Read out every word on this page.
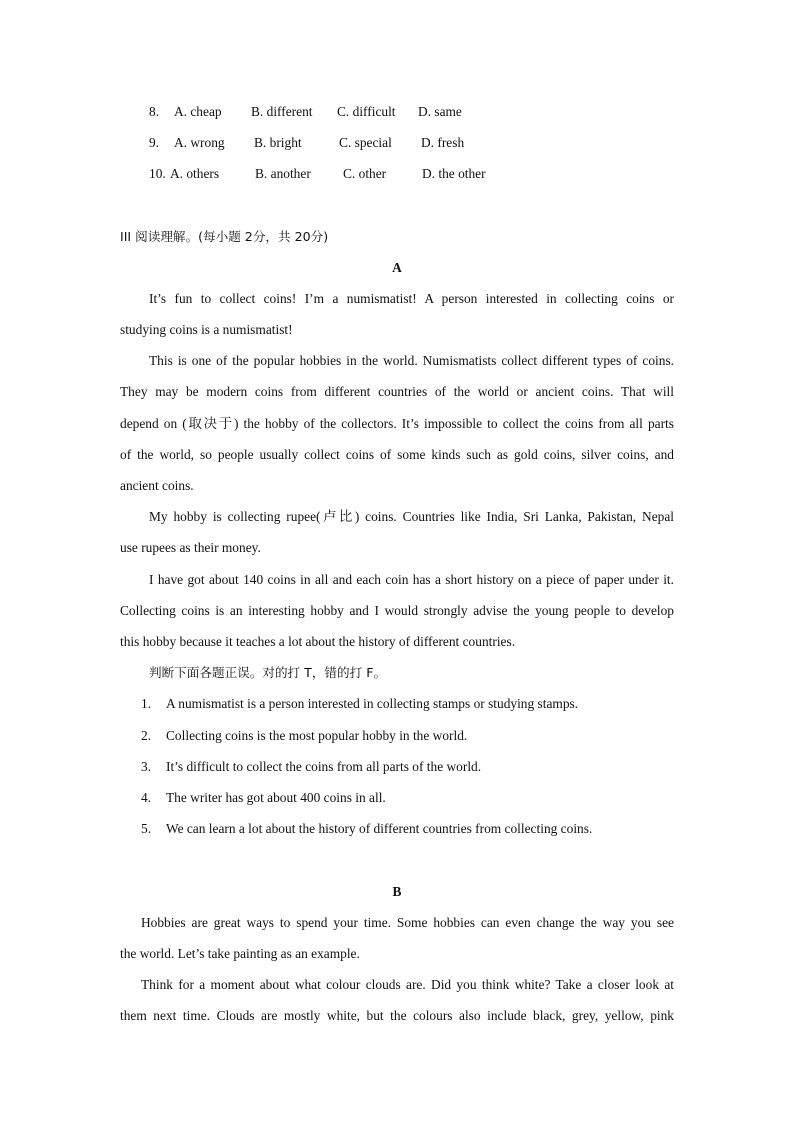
8. A. cheap B. different C. difficult D. same
9. A. wrong B. bright	C. special D. fresh
10. A. others	B. another C. other	D. the other
III 阅读理解。(每小题 2分，共 20分)
A
It’s fun to collect coins! I’m a numismatist! A person interested in collecting coins or
studying coins is a numismatist!
This is one of the popular hobbies in the world. Numismatists collect different types of coins.
They may be modern coins from different countries of the world or ancient coins. That will
depend on (取决于) the hobby of the collectors. It’s impossible to collect the coins from all parts
of the world, so people usually collect coins of some kinds such as gold coins, silver coins, and
ancient coins.
My hobby is collecting rupee(卢比) coins. Countries like India, Sri Lanka, Pakistan, Nepal
use rupees as their money.
I have got about 140 coins in all and each coin has a short history on a piece of paper under it.
Collecting coins is an interesting hobby and I would strongly advise the young people to develop
this hobby because it teaches a lot about the history of different countries.
判断下面各题正误。对的打 T，错的打 F。
1. A numismatist is a person interested in collecting stamps or studying stamps.
2. Collecting coins is the most popular hobby in the world.
3. It’s difficult to collect the coins from all parts of the world.
4. The writer has got about 400 coins in all.
5. We can learn a lot about the history of different countries from collecting coins.
B
Hobbies are great ways to spend your time. Some hobbies can even change the way you see
the world. Let’s take painting as an example.
Think for a moment about what colour clouds are. Did you think white? Take a closer look at
them next time. Clouds are mostly white, but the colours also include black, grey, yellow, pink
